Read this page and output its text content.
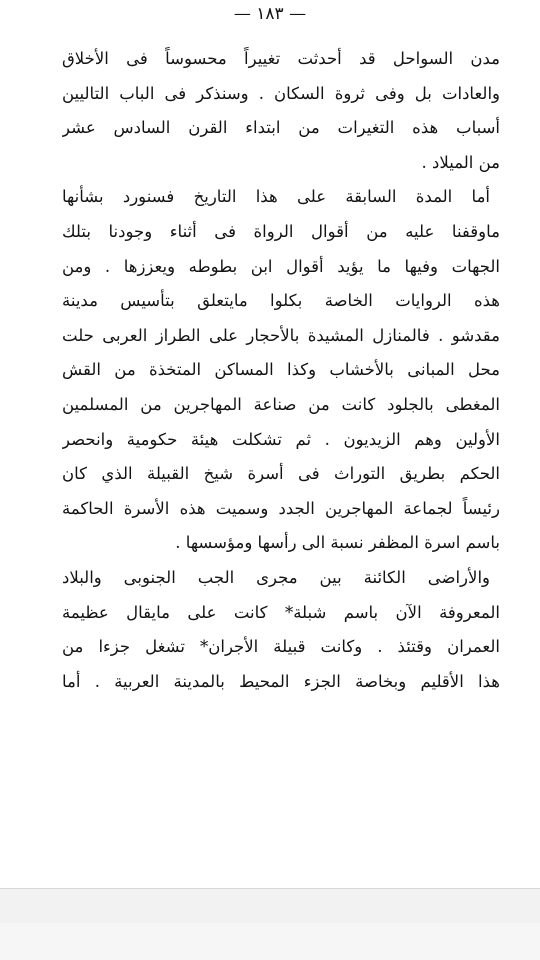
— ١٨٣ —
مدن السواحل قد أحدثت تغييراً محسوساً فى الأخلاق
والعادات بل وفى ثروة السكان . وسنذكر فى الباب التاليين
أسباب هذه التغيرات من ابتداء القرن السادس عشر
من الميلاد .
أما المدة السابقة على هذا التاريخ فسنورد بشأنها
ماوقفنا عليه من أقوال الرواة فى أثناء وجودنا بتلك
الجهات وفيها ما يؤيد أقوال ابن بطوطه ويعززها . ومن
هذه الروايات الخاصة بكلوا مايتعلق بتأسيس مدينة
مقدشو . فالمنازل المشيدة بالأحجار على الطراز العربى حلت
محل المبانى بالأخشاب وكذا المساكن المتخذة من القش
المغطى بالجلود كانت من صناعة المهاجرين من المسلمين
الأولين وهم الزيديون . ثم تشكلت هيئة حكومية وانحصر
الحكم بطريق التوراث فى أسرة شيخ القبيلة الذي كان
رئيساً لجماعة المهاجرين الجدد وسميت هذه الأسرة الحاكمة
باسم اسرة المظفر نسبة الى رأسها ومؤسسها .
والأراضى الكائنة بين مجرى الجب الجنوبى والبلاد
المعروفة الآن باسم شبلة* كانت على مايقال عظيمة
العمران وقتئذ . وكانت قبيلة الأجران* تشغل جزءا من
هذا الأقليم وبخاصة الجزء المحيط بالمدينة العربية . أما
